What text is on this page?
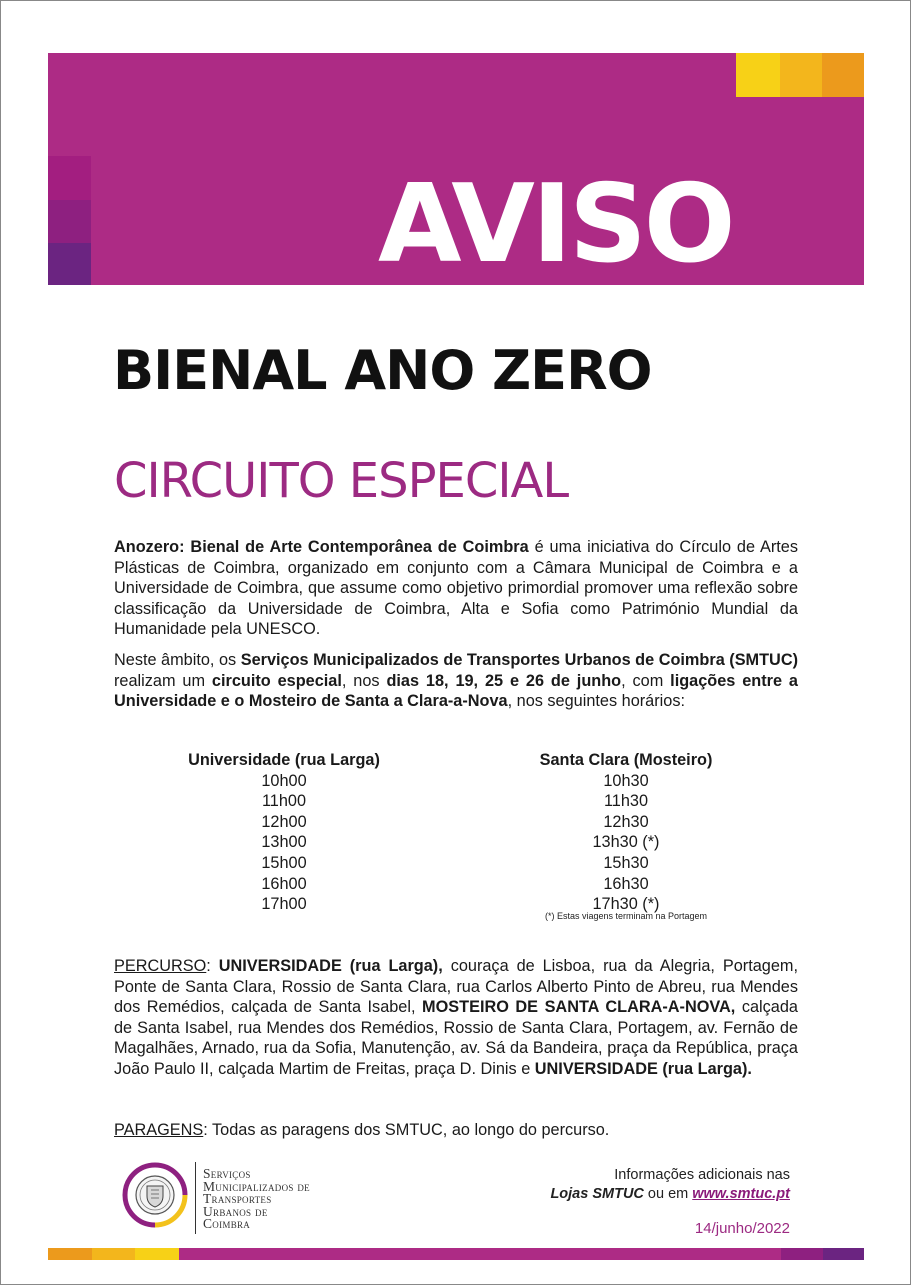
AVISO
BIENAL ANO ZERO
CIRCUITO ESPECIAL

Anozero: Bienal de Arte Contemporânea de Coimbra é uma iniciativa do Círculo de Artes Plásticas de Coimbra, organizado em conjunto com a Câmara Municipal de Coimbra e a Universidade de Coimbra, que assume como objetivo primordial promover uma reflexão sobre classificação da Universidade de Coimbra, Alta e Sofia como Património Mundial da Humanidade pela UNESCO.

Neste âmbito, os Serviços Municipalizados de Transportes Urbanos de Coimbra (SMTUC) realizam um circuito especial, nos dias 18, 19, 25 e 26 de junho, com ligações entre a Universidade e o Mosteiro de Santa a Clara-a-Nova, nos seguintes horários:

Universidade (rua Larga)
10h00
11h00
12h00
13h00
15h00
16h00
17h00
Santa Clara (Mosteiro)
10h30
11h30
12h30
13h30 (*)
15h30
16h30
17h30 (*)
(*) Estas viagens terminam na Portagem

PERCURSO: UNIVERSIDADE (rua Larga), couraça de Lisboa, rua da Alegria, Portagem, Ponte de Santa Clara, Rossio de Santa Clara, rua Carlos Alberto Pinto de Abreu, rua Mendes dos Remédios, calçada de Santa Isabel, MOSTEIRO DE SANTA CLARA-A-NOVA, calçada de Santa Isabel, rua Mendes dos Remédios, Rossio de Santa Clara, Portagem, av. Fernão de Magalhães, Arnado, rua da Sofia, Manutenção, av. Sá da Bandeira, praça da República, praça João Paulo II, calçada Martim de Freitas, praça D. Dinis e UNIVERSIDADE (rua Larga).

PARAGENS: Todas as paragens dos SMTUC, ao longo do percurso.

Serviços
Municipalizados de
Transportes
Urbanos de
Coimbra
Informações adicionais nas
Lojas SMTUC ou em www.smtuc.pt
14/junho/2022
